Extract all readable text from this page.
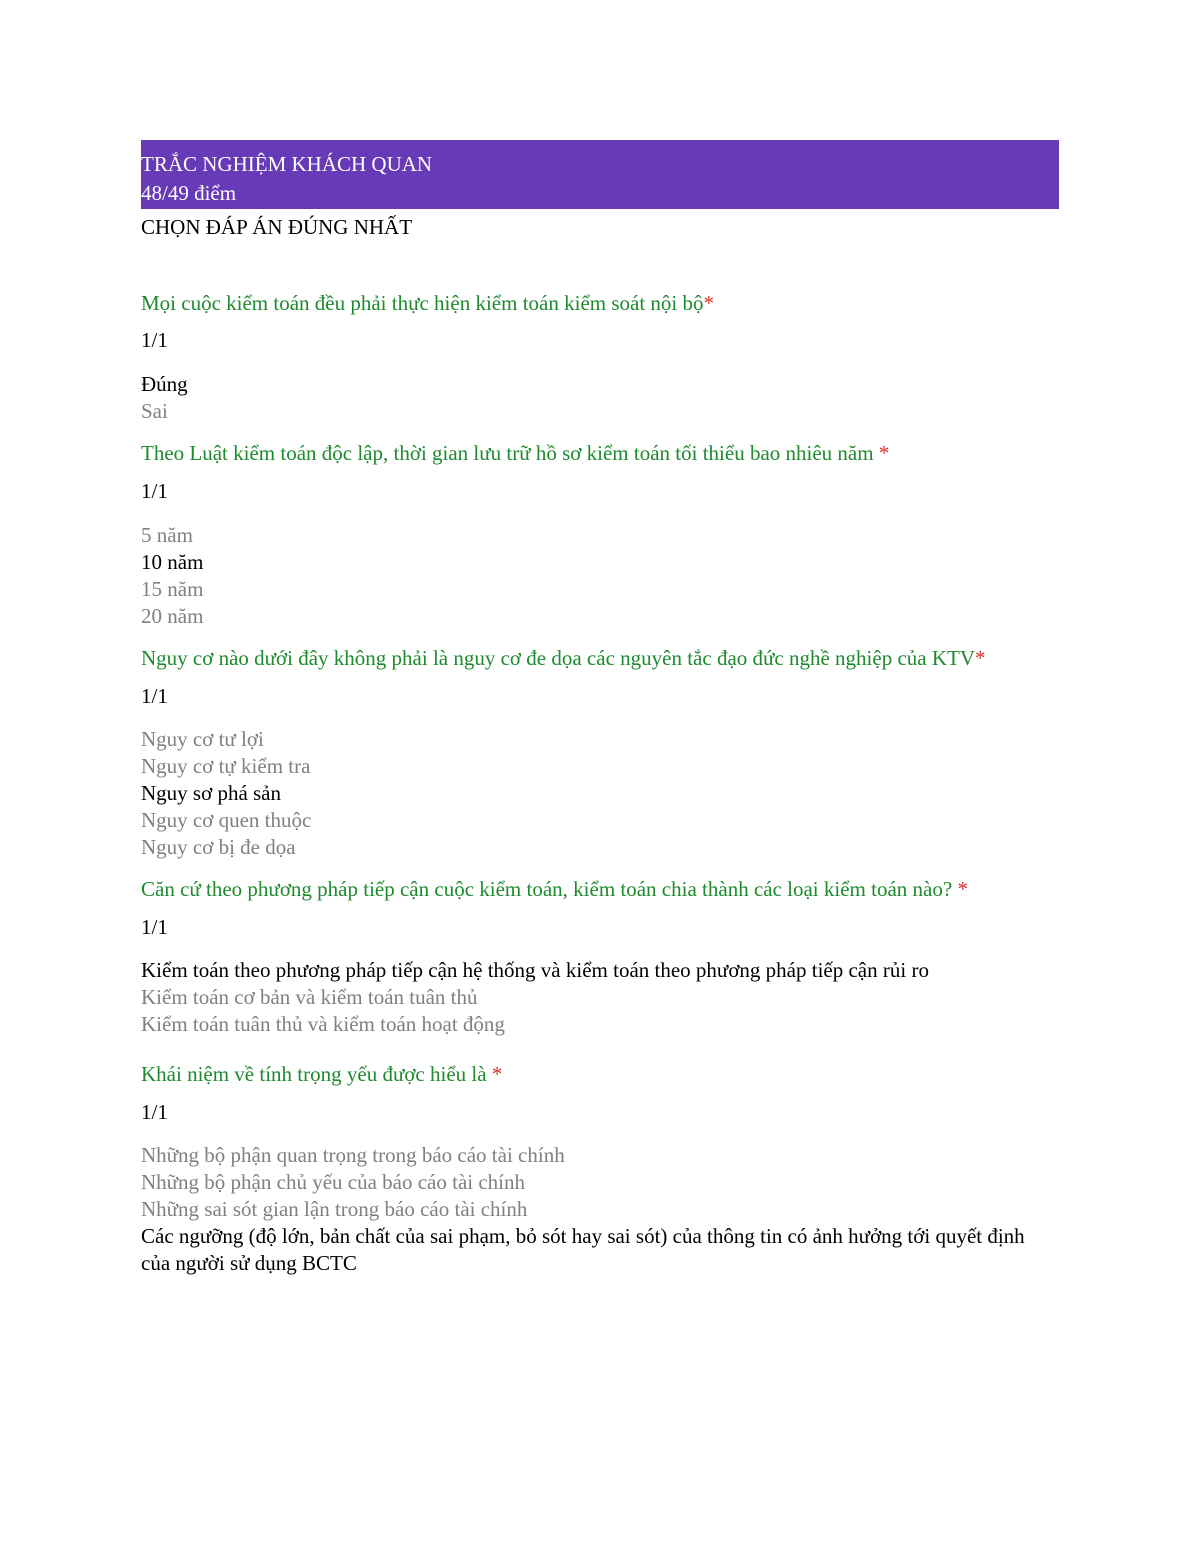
TRẮC NGHIỆM KHÁCH QUAN
48/49 điểm
CHỌN ĐÁP ÁN ĐÚNG NHẤT

Mọi cuộc kiểm toán đều phải thực hiện kiểm toán kiểm soát nội bộ*

1/1

Đúng
Sai

Theo Luật kiểm toán độc lập, thời gian lưu trữ hồ sơ kiểm toán tối thiểu bao nhiêu năm *

1/1

5 năm
10 năm
15 năm
20 năm

Nguy cơ nào dưới đây không phải là nguy cơ đe dọa các nguyên tắc đạo đức nghề nghiệp của KTV*

1/1

Nguy cơ tư lợi
Nguy cơ tự kiểm tra
Nguy sơ phá sản
Nguy cơ quen thuộc
Nguy cơ bị đe dọa

Căn cứ theo phương pháp tiếp cận cuộc kiểm toán, kiểm toán chia thành các loại kiểm toán nào? *

1/1

Kiểm toán theo phương pháp tiếp cận hệ thống và kiểm toán theo phương pháp tiếp cận rủi ro
Kiểm toán cơ bản và kiểm toán tuân thủ
Kiểm toán tuân thủ và kiểm toán hoạt động

Khái niệm về tính trọng yếu được hiểu là *

1/1

Những bộ phận quan trọng trong báo cáo tài chính
Những bộ phận chủ yếu của báo cáo tài chính
Những sai sót gian lận trong báo cáo tài chính
Các ngưỡng (độ lớn, bản chất của sai phạm, bỏ sót hay sai sót) của thông tin có ảnh hưởng tới quyết định của người sử dụng BCTC
